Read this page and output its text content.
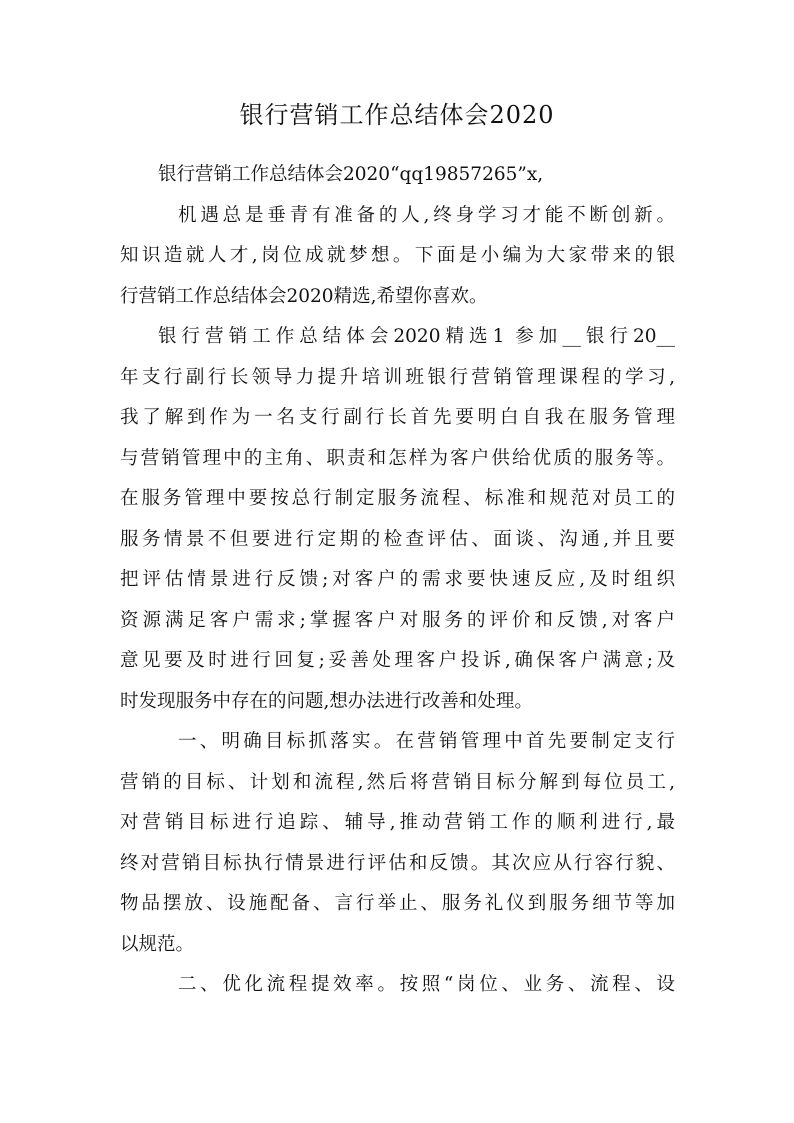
银行营销工作总结体会2020
银行营销工作总结体会2020“qq19857265”x,
机遇总是垂青有准备的人,终身学习才能不断创新。
知识造就人才,岗位成就梦想。下面是小编为大家带来的银
行营销工作总结体会2020精选,希望你喜欢。
银行营销工作总结体会2020精选1 参加__银行20__
年支行副行长领导力提升培训班银行营销管理课程的学习,
我了解到作为一名支行副行长首先要明白自我在服务管理
与营销管理中的主角、职责和怎样为客户供给优质的服务等。
在服务管理中要按总行制定服务流程、标准和规范对员工的
服务情景不但要进行定期的检查评估、面谈、沟通,并且要
把评估情景进行反馈;对客户的需求要快速反应,及时组织
资源满足客户需求;掌握客户对服务的评价和反馈,对客户
意见要及时进行回复;妥善处理客户投诉,确保客户满意;及
时发现服务中存在的问题,想办法进行改善和处理。
一、明确目标抓落实。在营销管理中首先要制定支行
营销的目标、计划和流程,然后将营销目标分解到每位员工,
对营销目标进行追踪、辅导,推动营销工作的顺利进行,最
终对营销目标执行情景进行评估和反馈。其次应从行容行貌、
物品摆放、设施配备、言行举止、服务礼仪到服务细节等加
以规范。
二、优化流程提效率。按照“岗位、业务、流程、设
